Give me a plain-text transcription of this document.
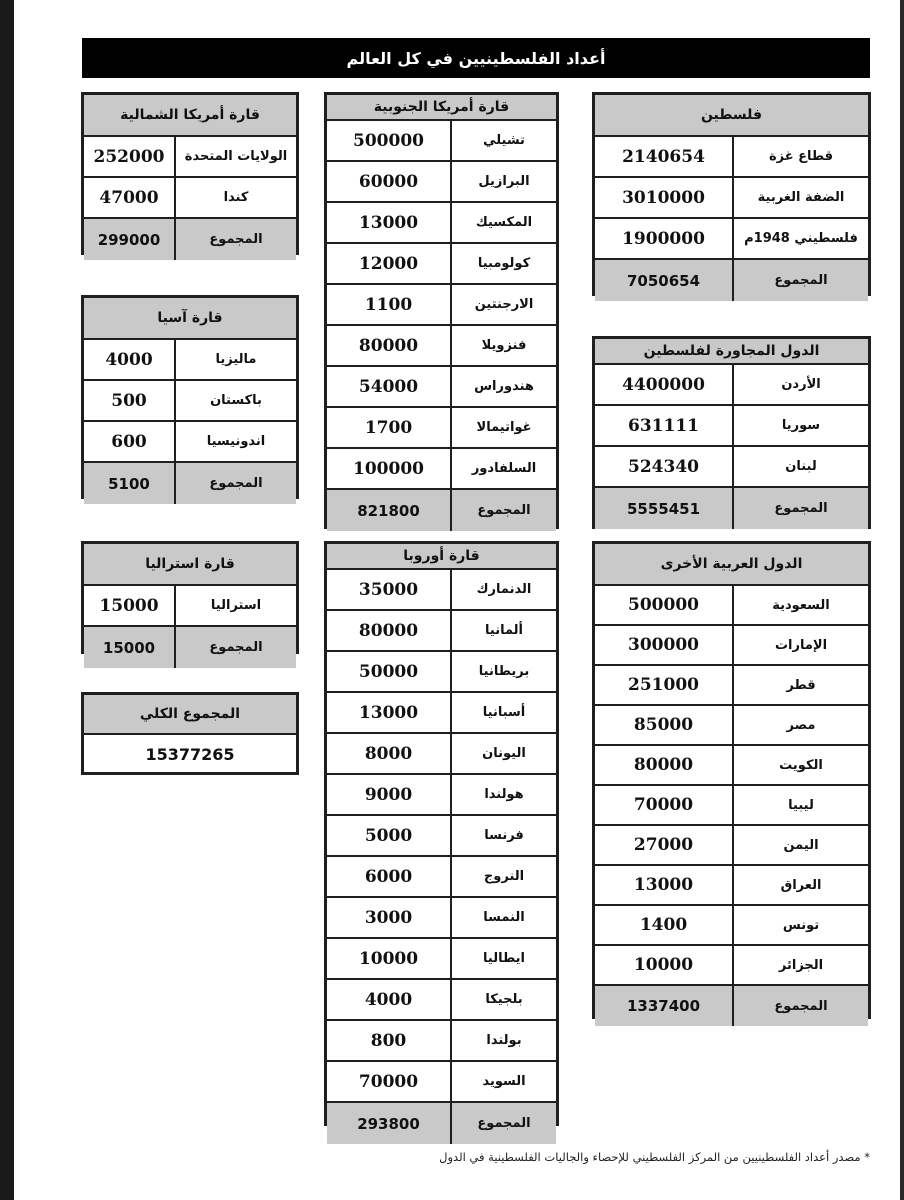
أعداد الفلسطينيين في كل العالم
فلسطين
قطاع غزة
2140654
الضفة الغربية
3010000
فلسطيني 1948م
1900000
المجموع
7050654
الدول المجاورة لفلسطين
الأردن
4400000
سوريا
631111
لبنان
524340
المجموع
5555451
الدول العربية الأخرى
السعودية
500000
الإمارات
300000
قطر
251000
مصر
85000
الكويت
80000
ليبيا
70000
اليمن
27000
العراق
13000
تونس
1400
الجزائر
10000
المجموع
1337400
قارة أمريكا الجنوبية
تشيلي
500000
البرازيل
60000
المكسيك
13000
كولومبيا
12000
الارجنتين
1100
فنزويلا
80000
هندوراس
54000
غواتيمالا
1700
السلفادور
100000
المجموع
821800
قارة أوروبا
الدنمارك
35000
ألمانيا
80000
بريطانيا
50000
أسبانيا
13000
اليونان
8000
هولندا
9000
فرنسا
5000
النروج
6000
النمسا
3000
ايطاليا
10000
بلجيكا
4000
بولندا
800
السويد
70000
المجموع
293800
قارة أمريكا الشمالية
الولايات المتحدة
252000
كندا
47000
المجموع
299000
قارة آسيا
ماليزيا
4000
باكستان
500
اندونيسيا
600
المجموع
5100
قارة استراليا
استراليا
15000
المجموع
15000
المجموع الكلي
15377265
* مصدر أعداد الفلسطينيين من المركز الفلسطيني للإحصاء والجاليات الفلسطينية في الدول
